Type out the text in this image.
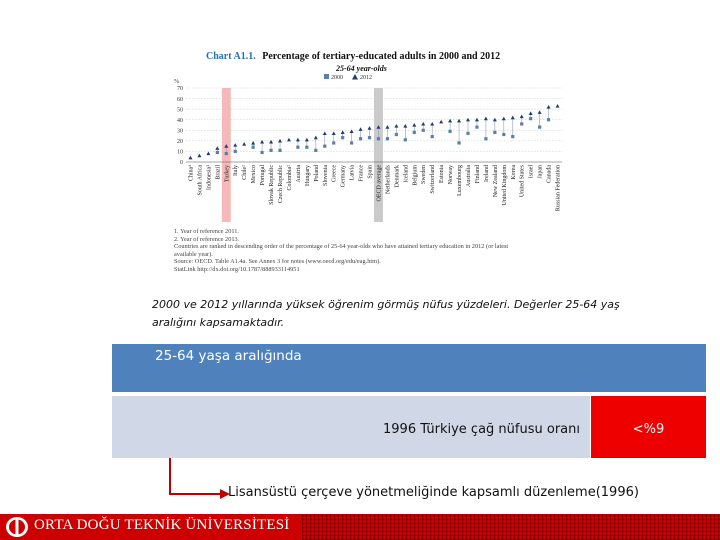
Chart A1.1. Percentage of tertiary-educated adults in 2000 and 2012
25-64 year-olds
0
10
20
30
40
50
60
70
%
2000	2012
China¹ South Africa Indonesia¹ Brazil Turkey Italy Chile² Mexico Portugal Slovak Republic Czech Republic Colombia² Austria Hungary Poland Slovenia Greece Germany Latvia France Spain OECD average Netherlands Denmark Iceland Belgium Sweden Switzerland Estonia Norway Luxembourg Australia Finland Ireland New Zealand United Kingdom Korea United States Israel Japan Canada Russian Federation
1. Year of reference 2011.
2. Year of reference 2013.
Countries are ranked in descending order of the percentage of 25-64 year-olds who have attained tertiary education in 2012 (or latest
available year).
Source: OECD. Table A1.4a. See Annex 3 for notes (www.oecd.org/edu/eag.htm).
StatLink http://dx.doi.org/10.1787/888933114951
2000 ve 2012 yıllarında yüksek öğrenim görmüş nüfus yüzdeleri. Değerler 25-64 yaş aralığını kapsamaktadır.
25-64 yaşa aralığında
1996 Türkiye çağ nüfusu oranı	<%9
Lisansüstü çerçeve yönetmeliğinde kapsamlı düzenleme(1996)
ORTA DOĞU TEKNİK ÜNİVERSİTESİ
